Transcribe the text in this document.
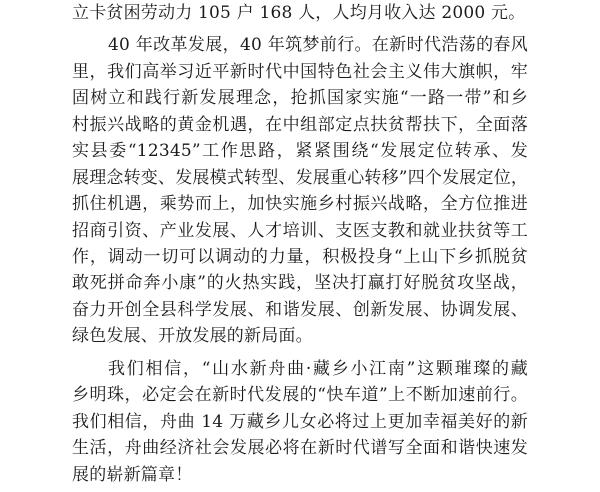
立卡贫困劳动力 105 户 168 人，人均月收入达 2000 元。
40 年改革发展，40 年筑梦前行。在新时代浩荡的春风
里，我们高举习近平新时代中国特色社会主义伟大旗帜，牢
固树立和践行新发展理念，抢抓国家实施“一路一带”和乡
村振兴战略的黄金机遇，在中组部定点扶贫帮扶下，全面落
实县委“12345”工作思路，紧紧围绕“发展定位转承、发
展理念转变、发展模式转型、发展重心转移”四个发展定位，
抓住机遇，乘势而上，加快实施乡村振兴战略，全方位推进
招商引资、产业发展、人才培训、支医支教和就业扶贫等工
作，调动一切可以调动的力量，积极投身“上山下乡抓脱贫
敢死拼命奔小康”的火热实践，坚决打赢打好脱贫攻坚战，
奋力开创全县科学发展、和谐发展、创新发展、协调发展、
绿色发展、开放发展的新局面。
我们相信，“山水新舟曲·藏乡小江南”这颗璀璨的藏
乡明珠，必定会在新时代发展的“快车道”上不断加速前行。
我们相信，舟曲 14 万藏乡儿女必将过上更加幸福美好的新
生活，舟曲经济社会发展必将在新时代谱写全面和谐快速发
展的崭新篇章！
